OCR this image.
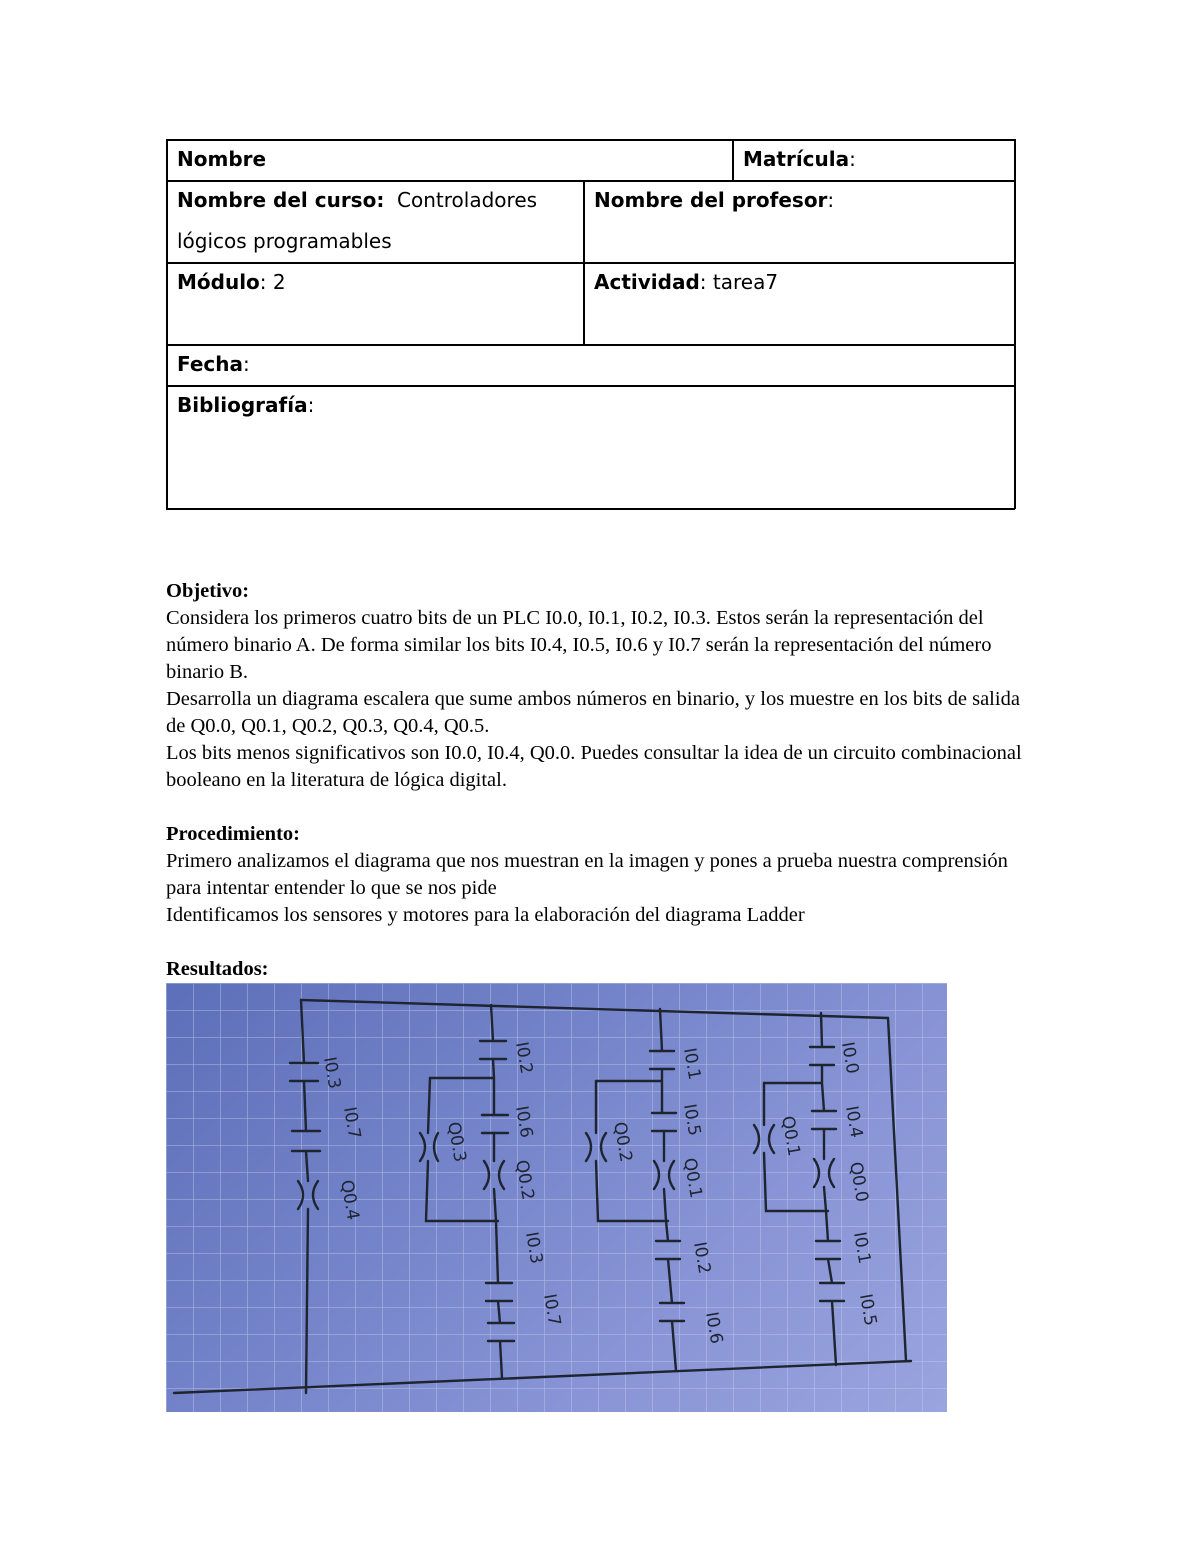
Nombre	Matrícula:
Nombre del curso: Controladores lógicos programables
Nombre del profesor:
Módulo: 2	Actividad: tarea7
Fecha:
Bibliografía:
Objetivo:

Considera los primeros cuatro bits de un PLC I0.0, I0.1, I0.2, I0.3. Estos serán la representación del número binario A. De forma similar los bits I0.4, I0.5, I0.6 y I0.7 serán la representación del número binario B.

Desarrolla un diagrama escalera que sume ambos números en binario, y los muestre en los bits de salida de Q0.0, Q0.1, Q0.2, Q0.3, Q0.4, Q0.5.

Los bits menos significativos son I0.0, I0.4, Q0.0. Puedes consultar la idea de un circuito combinacional booleano en la literatura de lógica digital.

Procedimiento:

Primero analizamos el diagrama que nos muestran en la imagen y pones a prueba nuestra comprensión para intentar entender lo que se nos pide

Identificamos los sensores y motores para la elaboración del diagrama Ladder

Resultados:
I0.3
I0.7
Q0.4
I0.2
I0.6
Q0.3
Q0.2
I0.3
I0.7
I0.1
I0.5
Q0.2
Q0.1
I0.2
I0.6
I0.0
I0.4
Q0.1
Q0.0
I0.1
I0.5
